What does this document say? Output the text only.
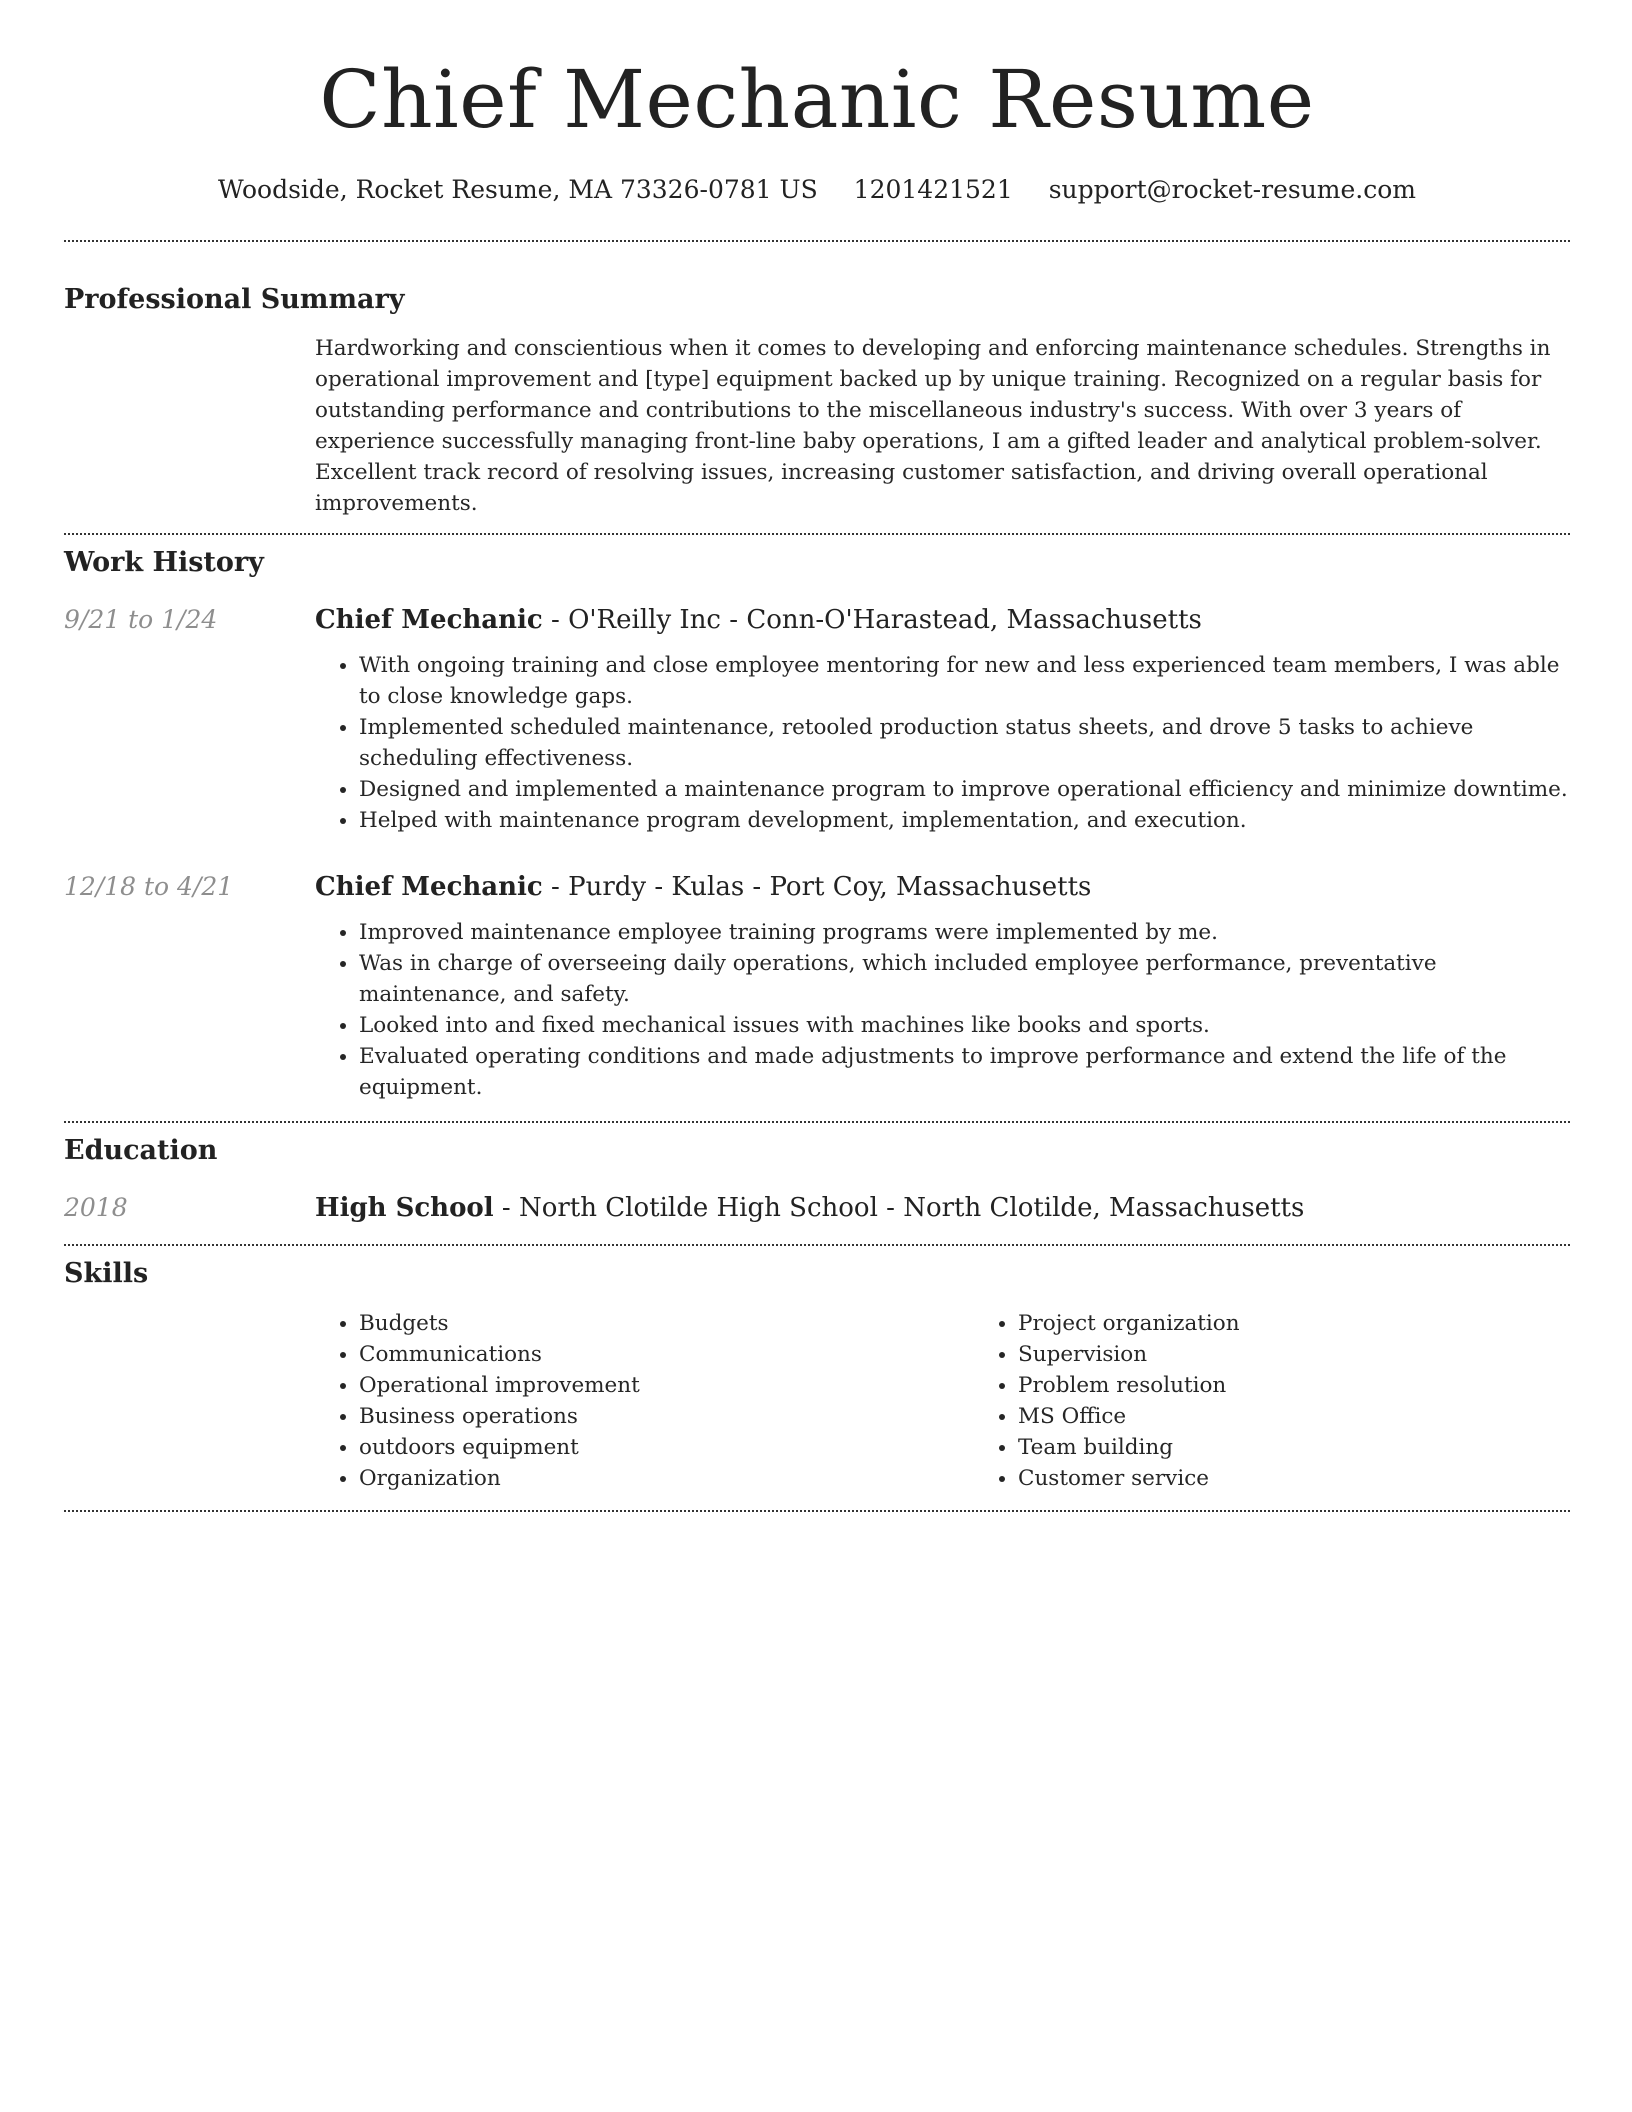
Chief Mechanic Resume
Woodside, Rocket Resume, MA 73326-0781 US 1201421521 support@rocket-resume.com
Professional Summary

Hardworking and conscientious when it comes to developing and enforcing maintenance schedules. Strengths in operational improvement and [type] equipment backed up by unique training. Recognized on a regular basis for outstanding performance and contributions to the miscellaneous industry's success. With over 3 years of experience successfully managing front-line baby operations, I am a gifted leader and analytical problem-solver. Excellent track record of resolving issues, increasing customer satisfaction, and driving overall operational improvements.

Work History
9/21 to 1/24	Chief Mechanic - O'Reilly Inc - Conn-O'Harastead, Massachusetts
• With ongoing training and close employee mentoring for new and less experienced team members, I was able to close knowledge gaps.
• Implemented scheduled maintenance, retooled production status sheets, and drove 5 tasks to achieve scheduling effectiveness.
• Designed and implemented a maintenance program to improve operational efficiency and minimize downtime.
• Helped with maintenance program development, implementation, and execution.
12/18 to 4/21	Chief Mechanic - Purdy - Kulas - Port Coy, Massachusetts
• Improved maintenance employee training programs were implemented by me.
• Was in charge of overseeing daily operations, which included employee performance, preventative maintenance, and safety.
• Looked into and fixed mechanical issues with machines like books and sports.
• Evaluated operating conditions and made adjustments to improve performance and extend the life of the equipment.
Education
2018	High School - North Clotilde High School - North Clotilde, Massachusetts
Skills
• Budgets
• Communications
• Operational improvement
• Business operations
• outdoors equipment
• Organization
• Project organization
• Supervision
• Problem resolution
• MS Office
• Team building
• Customer service
